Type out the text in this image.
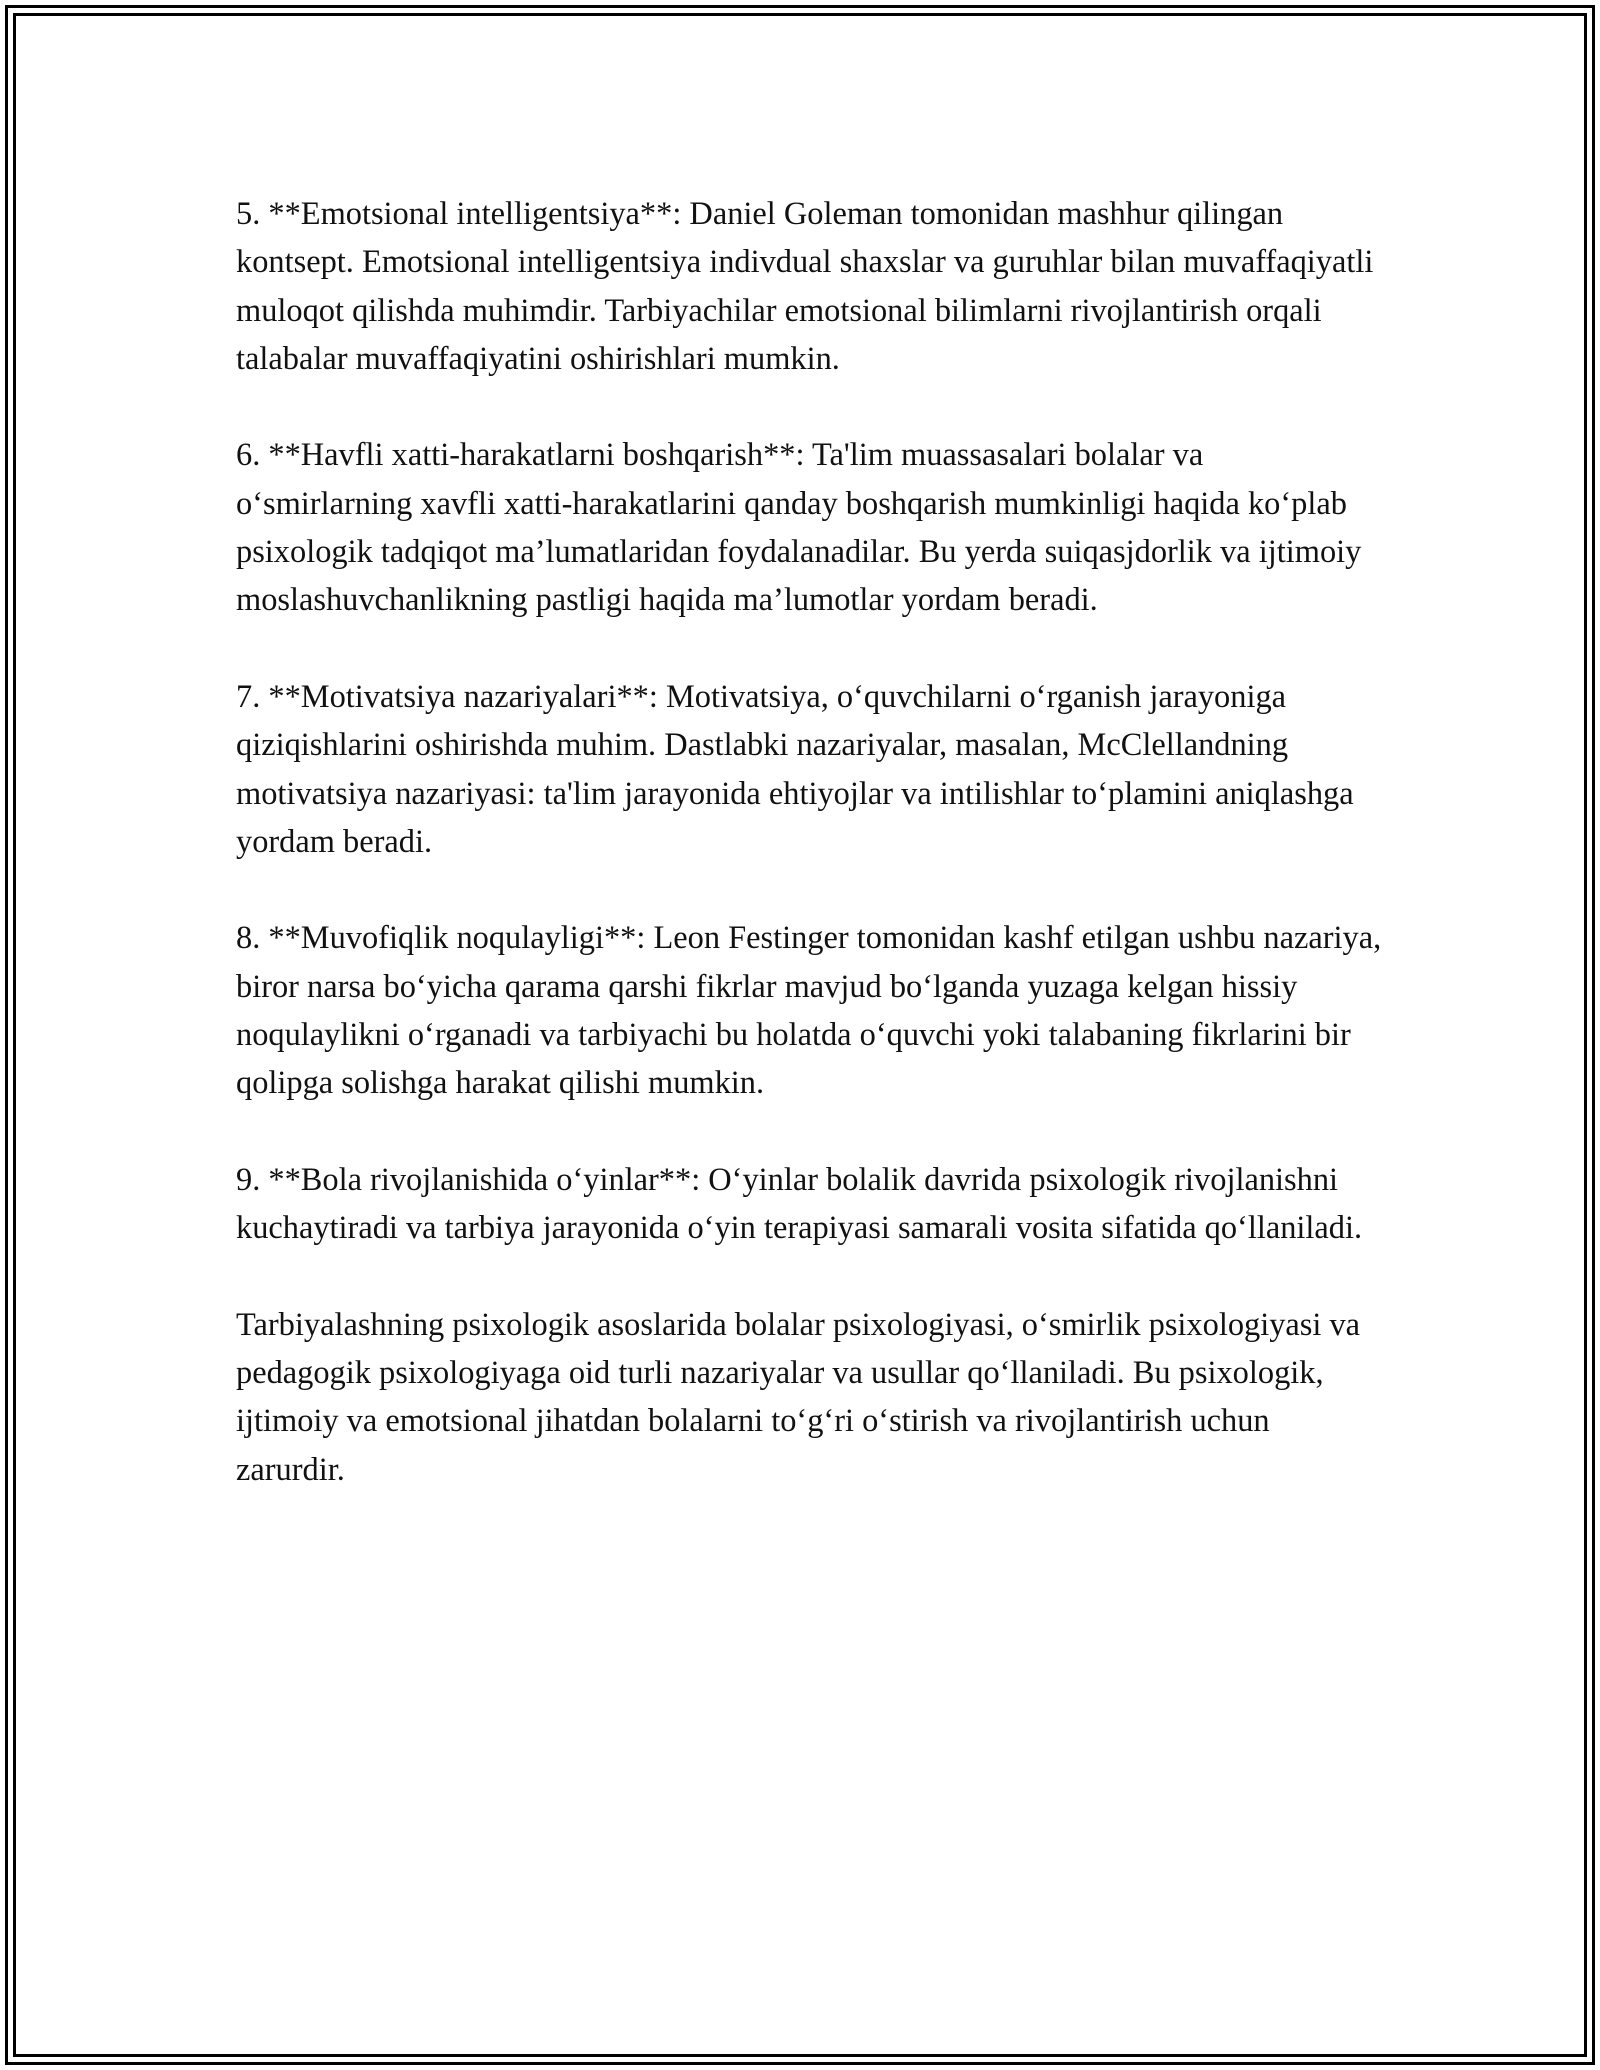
5. **Emotsional intelligentsiya**: Daniel Goleman tomonidan mashhur qilingan kontsept. Emotsional intelligentsiya indivdual shaxslar va guruhlar bilan muvaffaqiyatli muloqot qilishda muhimdir. Tarbiyachilar emotsional bilimlarni rivojlantirish orqali talabalar muvaffaqiyatini oshirishlari mumkin.

6. **Havfli xatti-harakatlarni boshqarish**: Ta'lim muassasalari bolalar va o‘smirlarning xavfli xatti-harakatlarini qanday boshqarish mumkinligi haqida ko‘plab psixologik tadqiqot ma’lumatlaridan foydalanadilar. Bu yerda suiqasjdorlik va ijtimoiy moslashuvchanlikning pastligi haqida ma’lumotlar yordam beradi.

7. **Motivatsiya nazariyalari**: Motivatsiya, o‘quvchilarni o‘rganish jarayoniga qiziqishlarini oshirishda muhim. Dastlabki nazariyalar, masalan, McClellandning motivatsiya nazariyasi: ta'lim jarayonida ehtiyojlar va intilishlar to‘plamini aniqlashga yordam beradi.

8. **Muvofiqlik noqulayligi**: Leon Festinger tomonidan kashf etilgan ushbu nazariya, biror narsa bo‘yicha qarama qarshi fikrlar mavjud bo‘lganda yuzaga kelgan hissiy noqulaylikni o‘rganadi va tarbiyachi bu holatda o‘quvchi yoki talabaning fikrlarini bir qolipga solishga harakat qilishi mumkin.

9. **Bola rivojlanishida o‘yinlar**: O‘yinlar bolalik davrida psixologik rivojlanishni kuchaytiradi va tarbiya jarayonida o‘yin terapiyasi samarali vosita sifatida qo‘llaniladi.

Tarbiyalashning psixologik asoslarida bolalar psixologiyasi, o‘smirlik psixologiyasi va pedagogik psixologiyaga oid turli nazariyalar va usullar qo‘llaniladi. Bu psixologik, ijtimoiy va emotsional jihatdan bolalarni to‘g‘ri o‘stirish va rivojlantirish uchun zarurdir.
